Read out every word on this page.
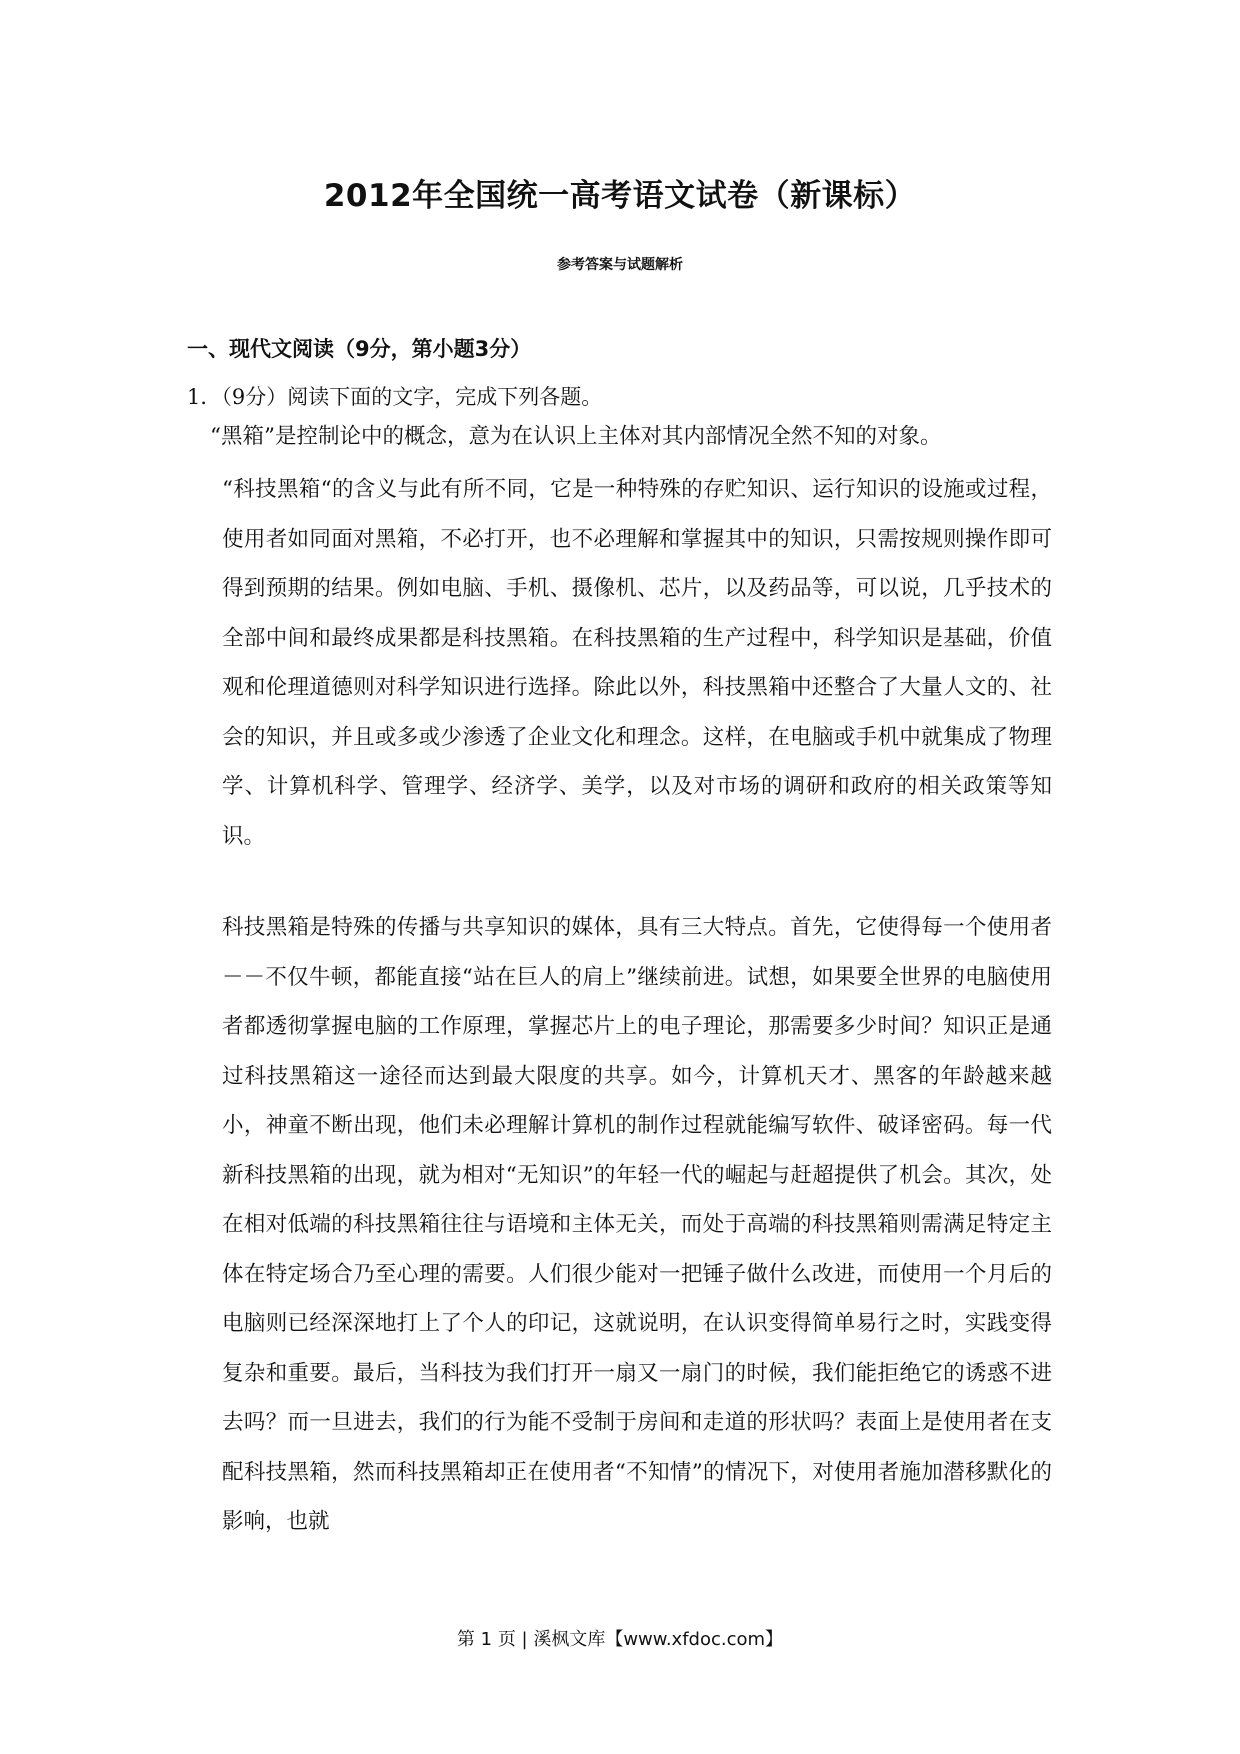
2012年全国统一高考语文试卷（新课标）
参考答案与试题解析
一、现代文阅读（9分，第小题3分）
1．（9分）阅读下面的文字，完成下列各题。
“黑箱”是控制论中的概念，意为在认识上主体对其内部情况全然不知的对象。
“科技黑箱“的含义与此有所不同，它是一种特殊的存贮知识、运行知识的设施或过程，使用者如同面对黑箱，不必打开，也不必理解和掌握其中的知识，只需按规则操作即可得到预期的结果。例如电脑、手机、摄像机、芯片，以及药品等，可以说，几乎技术的全部中间和最终成果都是科技黑箱。在科技黑箱的生产过程中，科学知识是基础，价值观和伦理道德则对科学知识进行选择。除此以外，科技黑箱中还整合了大量人文的、社会的知识，并且或多或少渗透了企业文化和理念。这样，在电脑或手机中就集成了物理学、计算机科学、管理学、经济学、美学，以及对市场的调研和政府的相关政策等知识。
科技黑箱是特殊的传播与共享知识的媒体，具有三大特点。首先，它使得每一个使用者－－不仅牛顿，都能直接“站在巨人的肩上”继续前进。试想，如果要全世界的电脑使用者都透彻掌握电脑的工作原理，掌握芯片上的电子理论，那需要多少时间？知识正是通过科技黑箱这一途径而达到最大限度的共享。如今，计算机天才、黑客的年龄越来越小，神童不断出现，他们未必理解计算机的制作过程就能编写软件、破译密码。每一代新科技黑箱的出现，就为相对“无知识”的年轻一代的崛起与赶超提供了机会。其次，处在相对低端的科技黑箱往往与语境和主体无关，而处于高端的科技黑箱则需满足特定主体在特定场合乃至心理的需要。人们很少能对一把锤子做什么改进，而使用一个月后的电脑则已经深深地打上了个人的印记，这就说明，在认识变得简单易行之时，实践变得复杂和重要。最后，当科技为我们打开一扇又一扇门的时候，我们能拒绝它的诱惑不进去吗？而一旦进去，我们的行为能不受制于房间和走道的形状吗？表面上是使用者在支配科技黑箱，然而科技黑箱却正在使用者“不知情”的情况下，对使用者施加潜移默化的影响，也就
第 1 页 | 溪枫文库【www.xfdoc.com】
